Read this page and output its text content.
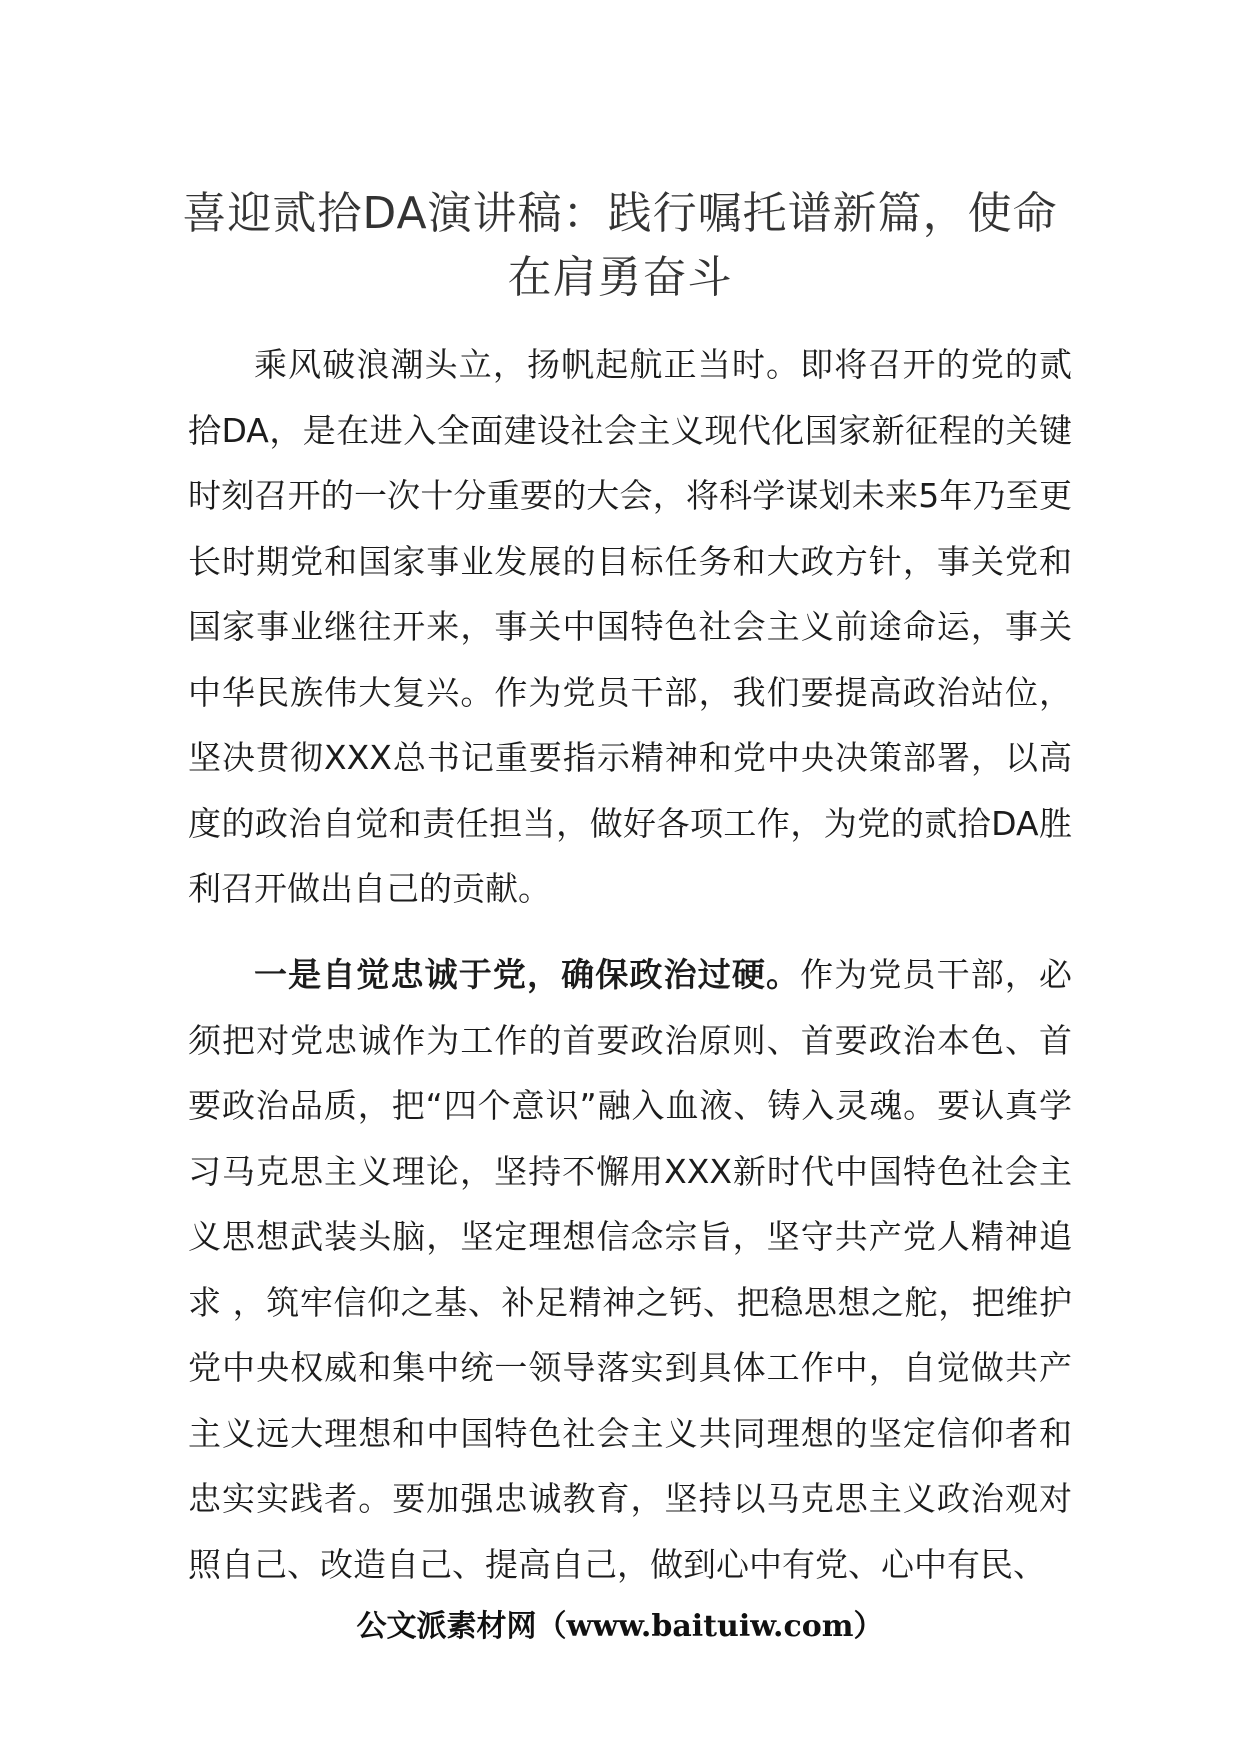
喜迎贰拾DA演讲稿：践行嘱托谱新篇，使命
在肩勇奋斗

乘风破浪潮头立，扬帆起航正当时。即将召开的党的贰拾DA，是在进入全面建设社会主义现代化国家新征程的关键时刻召开的一次十分重要的大会，将科学谋划未来5年乃至更长时期党和国家事业发展的目标任务和大政方针，事关党和国家事业继往开来，事关中国特色社会主义前途命运，事关中华民族伟大复兴。作为党员干部，我们要提高政治站位，坚决贯彻XXX总书记重要指示精神和党中央决策部署，以高度的政治自觉和责任担当，做好各项工作，为党的贰拾DA胜利召开做出自己的贡献。

一是自觉忠诚于党，确保政治过硬。作为党员干部，必须把对党忠诚作为工作的首要政治原则、首要政治本色、首要政治品质，把“四个意识”融入血液、铸入灵魂。要认真学习马克思主义理论，坚持不懈用XXX新时代中国特色社会主义思想武装头脑，坚定理想信念宗旨，坚守共产党人精神追求 ，筑牢信仰之基、补足精神之钙、把稳思想之舵，把维护党中央权威和集中统一领导落实到具体工作中，自觉做共产主义远大理想和中国特色社会主义共同理想的坚定信仰者和忠实实践者。要加强忠诚教育，坚持以马克思主义政治观对照自己、改造自己、提高自己，做到心中有党、心中有民、

公文派素材网（www.baituiw.com）
